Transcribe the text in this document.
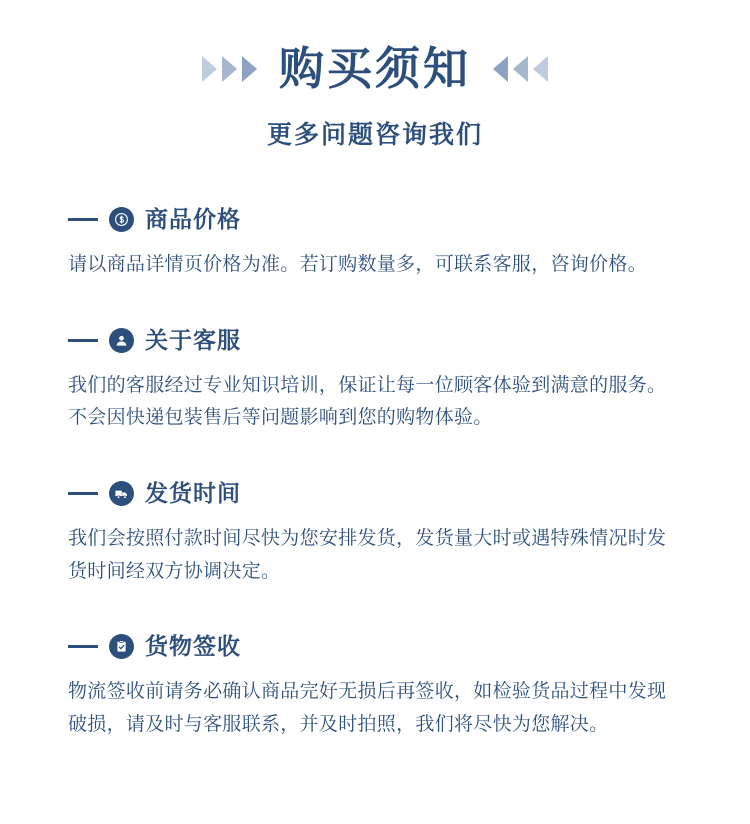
购买须知
更多问题咨询我们
商品价格
请以商品详情页价格为准。若订购数量多，可联系客服，咨询价格。
关于客服
我们的客服经过专业知识培训，保证让每一位顾客体验到满意的服务。不会因快递包装售后等问题影响到您的购物体验。
发货时间
我们会按照付款时间尽快为您安排发货，发货量大时或遇特殊情况时发货时间经双方协调决定。
货物签收
物流签收前请务必确认商品完好无损后再签收，如检验货品过程中发现破损，请及时与客服联系，并及时拍照，我们将尽快为您解决。
